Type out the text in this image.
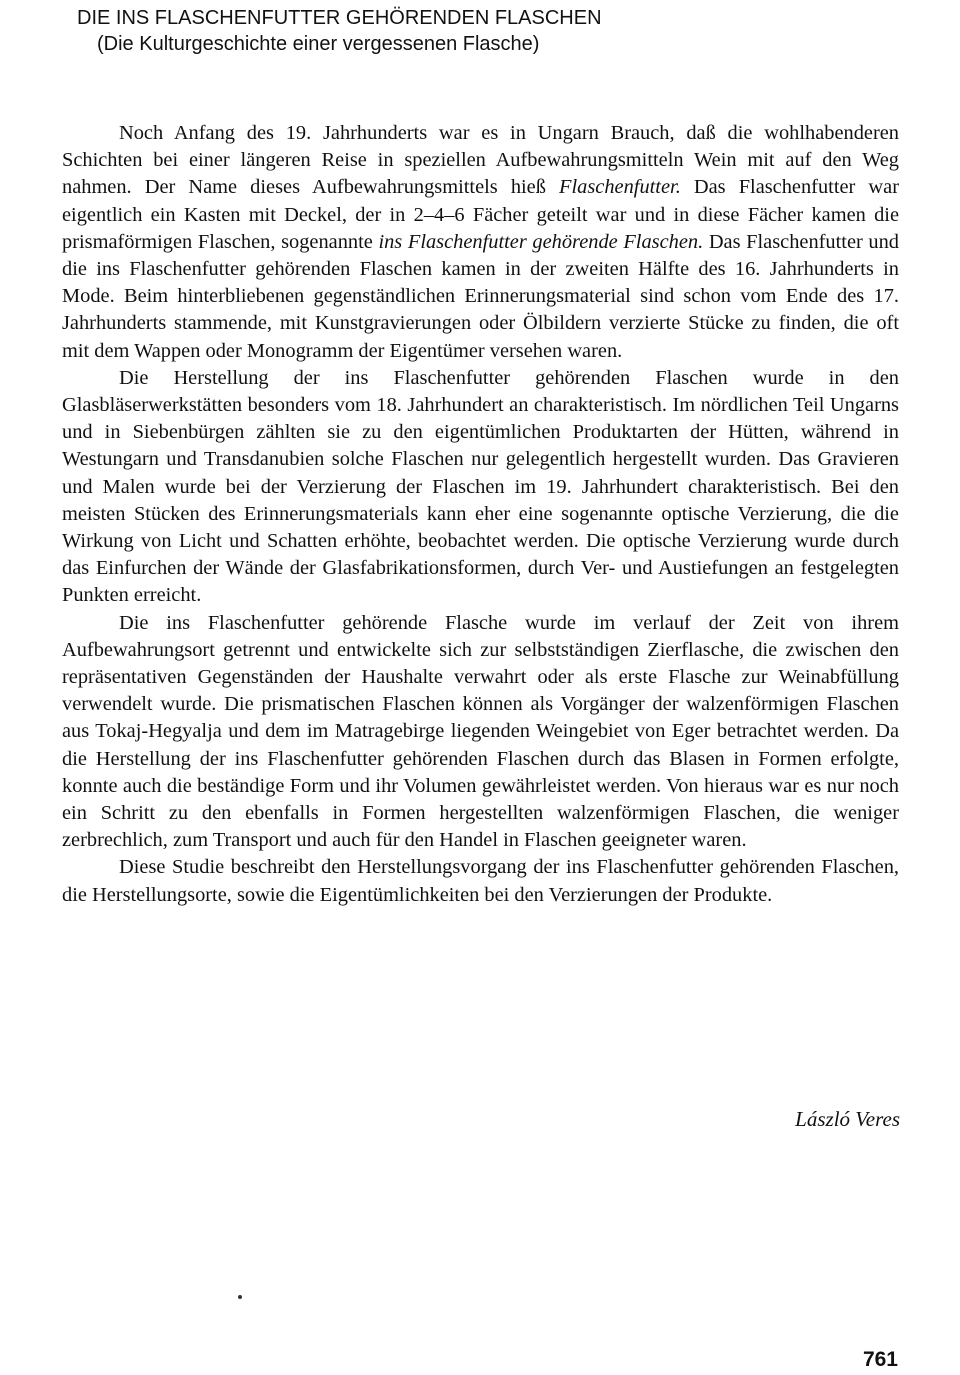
DIE INS FLASCHENFUTTER GEHÖRENDEN FLASCHEN
(Die Kulturgeschichte einer vergessenen Flasche)

Noch Anfang des 19. Jahrhunderts war es in Ungarn Brauch, daß die wohlhabenderen Schichten bei einer längeren Reise in speziellen Aufbewahrungsmitteln Wein mit auf den Weg nahmen. Der Name dieses Aufbewahrungsmittels hieß Flaschenfutter. Das Flaschenfutter war eigentlich ein Kasten mit Deckel, der in 2–4–6 Fächer geteilt war und in diese Fächer kamen die prismaförmigen Flaschen, sogenannte ins Flaschenfutter gehörende Flaschen. Das Flaschenfutter und die ins Flaschenfutter gehörenden Flaschen kamen in der zweiten Hälfte des 16. Jahrhunderts in Mode. Beim hinterbliebenen gegenständlichen Erinnerungsmaterial sind schon vom Ende des 17. Jahrhunderts stammende, mit Kunstgravierungen oder Ölbildern verzierte Stücke zu finden, die oft mit dem Wappen oder Monogramm der Eigentümer versehen waren.

Die Herstellung der ins Flaschenfutter gehörenden Flaschen wurde in den Glasbläserwerkstätten besonders vom 18. Jahrhundert an charakteristisch. Im nördlichen Teil Ungarns und in Siebenbürgen zählten sie zu den eigentümlichen Produktarten der Hütten, während in Westungarn und Transdanubien solche Flaschen nur gelegentlich hergestellt wurden. Das Gravieren und Malen wurde bei der Verzierung der Flaschen im 19. Jahrhundert charakteristisch. Bei den meisten Stücken des Erinnerungsmaterials kann eher eine sogenannte optische Verzierung, die die Wirkung von Licht und Schatten erhöhte, beobachtet werden. Die optische Verzierung wurde durch das Einfurchen der Wände der Glasfabrikationsformen, durch Ver- und Austiefungen an festgelegten Punkten erreicht.

Die ins Flaschenfutter gehörende Flasche wurde im verlauf der Zeit von ihrem Aufbewahrungsort getrennt und entwickelte sich zur selbstständigen Zierflasche, die zwischen den repräsentativen Gegenständen der Haushalte verwahrt oder als erste Flasche zur Weinabfüllung verwendelt wurde. Die prismatischen Flaschen können als Vorgänger der walzenförmigen Flaschen aus Tokaj-Hegyalja und dem im Matragebirge liegenden Weingebiet von Eger betrachtet werden. Da die Herstellung der ins Flaschenfutter gehörenden Flaschen durch das Blasen in Formen erfolgte, konnte auch die beständige Form und ihr Volumen gewährleistet werden. Von hieraus war es nur noch ein Schritt zu den ebenfalls in Formen hergestellten walzenförmigen Flaschen, die weniger zerbrechlich, zum Transport und auch für den Handel in Flaschen geeigneter waren.

Diese Studie beschreibt den Herstellungsvorgang der ins Flaschenfutter gehörenden Flaschen, die Herstellungsorte, sowie die Eigentümlichkeiten bei den Verzierungen der Produkte.

László Veres
761
